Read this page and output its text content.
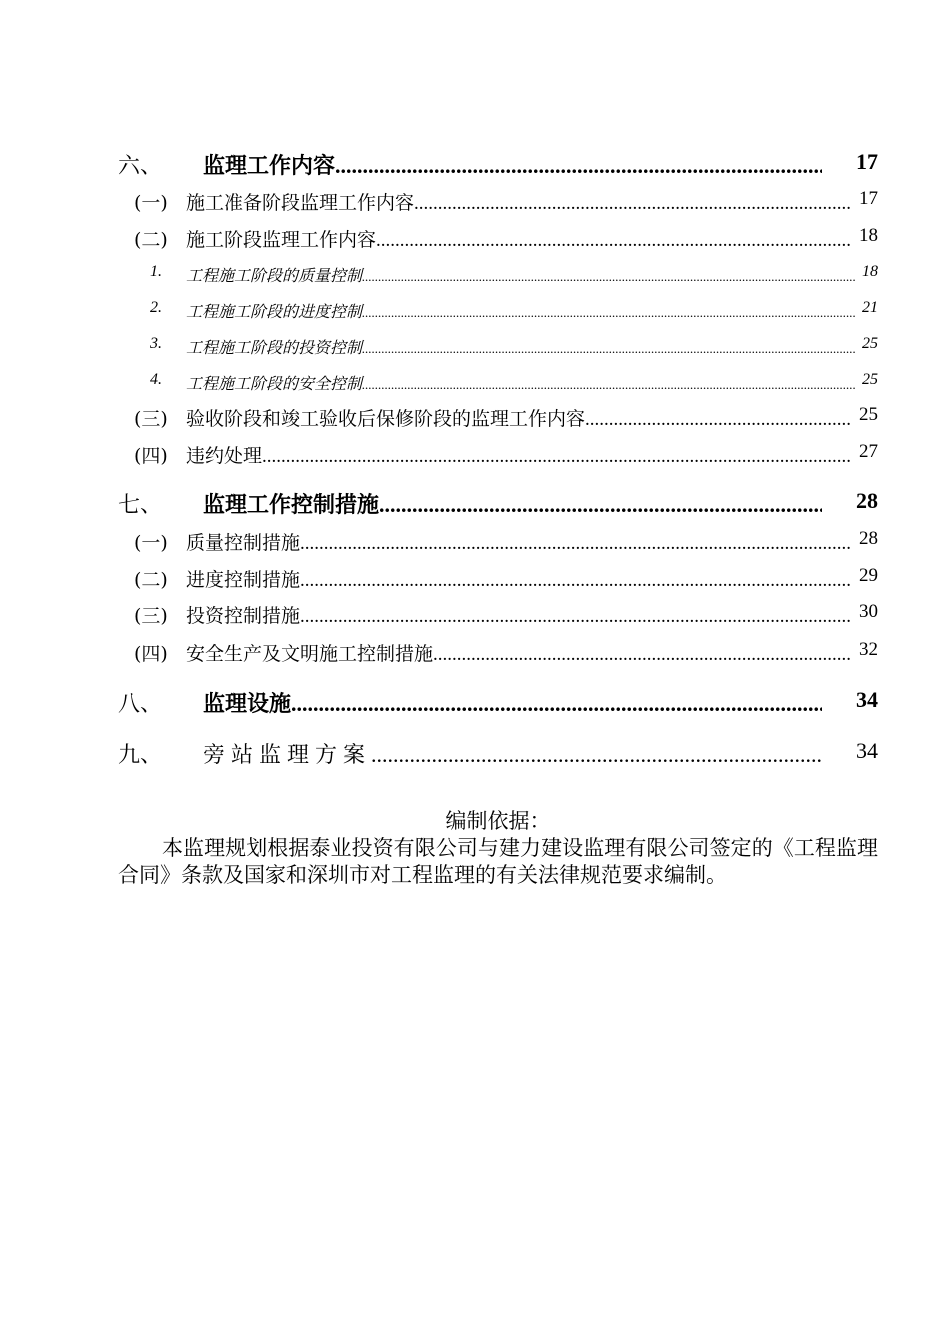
六、 监理工作内容 .....	17
(一) 施工准备阶段监理工作内容 .....	17
(二) 施工阶段监理工作内容 .....	18
1. 工程施工阶段的质量控制 .....	18
2. 工程施工阶段的进度控制 .....	21
3. 工程施工阶段的投资控制 .....	25
4. 工程施工阶段的安全控制 .....	25
(三) 验收阶段和竣工验收后保修阶段的监理工作内容 .....	25
(四) 违约处理 .....	27
七、 监理工作控制措施 .....	28
(一) 质量控制措施 .....	28
(二) 进度控制措施 .....	29
(三) 投资控制措施 .....	30
(四) 安全生产及文明施工控制措施 .....	32
八、 监理设施 .....	34
九、 旁站监理方案 .....	34
编制依据：
本监理规划根据泰业投资有限公司与建力建设监理有限公司签定的《工程监理合同》条款及国家和深圳市对工程监理的有关法律规范要求编制。
